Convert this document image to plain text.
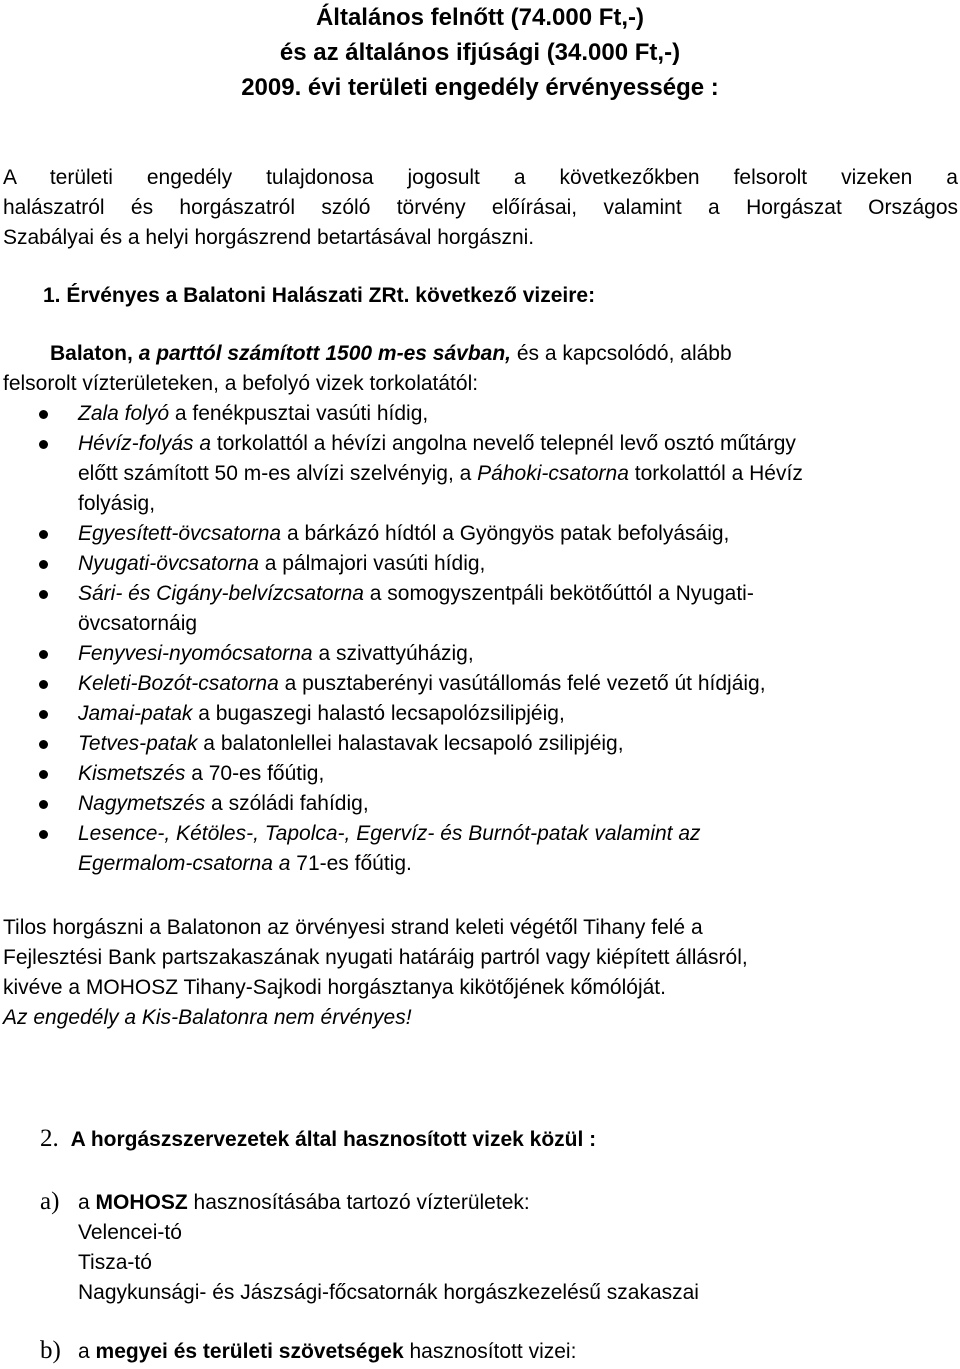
Általános felnőtt (74.000 Ft,-)
és az általános ifjúsági (34.000 Ft,-)
2009. évi területi engedély érvényessége :
A területi engedély tulajdonosa jogosult a következőkben felsorolt vizeken a
halászatról és horgászatról szóló törvény előírásai, valamint a Horgászat Országos
Szabályai és a helyi horgászrend betartásával horgászni.
1. Érvényes a Balatoni Halászati ZRt. következő vizeire:
Balaton, a parttól számított 1500 m-es sávban, és a kapcsolódó, alább
felsorolt vízterületeken, a befolyó vizek torkolatától:
Zala folyó a fenékpusztai vasúti hídig,
Hévíz-folyás a torkolattól a hévízi angolna nevelő telepnél levő osztó műtárgy
előtt számított 50 m-es alvízi szelvényig, a Páhoki-csatorna torkolattól a Hévíz
folyásig,
Egyesített-övcsatorna a bárkázó hídtól a Gyöngyös patak befolyásáig,
Nyugati-övcsatorna a pálmajori vasúti hídig,
Sári- és Cigány-belvízcsatorna a somogyszentpáli bekötőúttól a Nyugati-
övcsatornáig
Fenyvesi-nyomócsatorna a szivattyúházig,
Keleti-Bozót-csatorna a pusztaberényi vasútállomás felé vezető út hídjáig,
Jamai-patak a bugaszegi halastó lecsapolózsilipjéig,
Tetves-patak a balatonlellei halastavak lecsapoló zsilipjéig,
Kismetszés a 70-es főútig,
Nagymetszés a szóládi fahídig,
Lesence-, Kétöles-, Tapolca-, Egervíz- és Burnót-patak valamint az
Egermalom-csatorna a 71-es főútig.
Tilos horgászni a Balatonon az örvényesi strand keleti végétől Tihany felé a
Fejlesztési Bank partszakaszának nyugati határáig partról vagy kiépített állásról,
kivéve a MOHOSZ Tihany-Sajkodi horgásztanya kikötőjének kőmólóját.
Az engedély a Kis-Balatonra nem érvényes!
2. A horgászszervezetek által hasznosított vizek közül :
a) a MOHOSZ hasznosításába tartozó vízterületek:
Velencei-tó
Tisza-tó
Nagykunsági- és Jászsági-főcsatornák horgászkezelésű szakaszai
b) a megyei és területi szövetségek hasznosított vizei:
